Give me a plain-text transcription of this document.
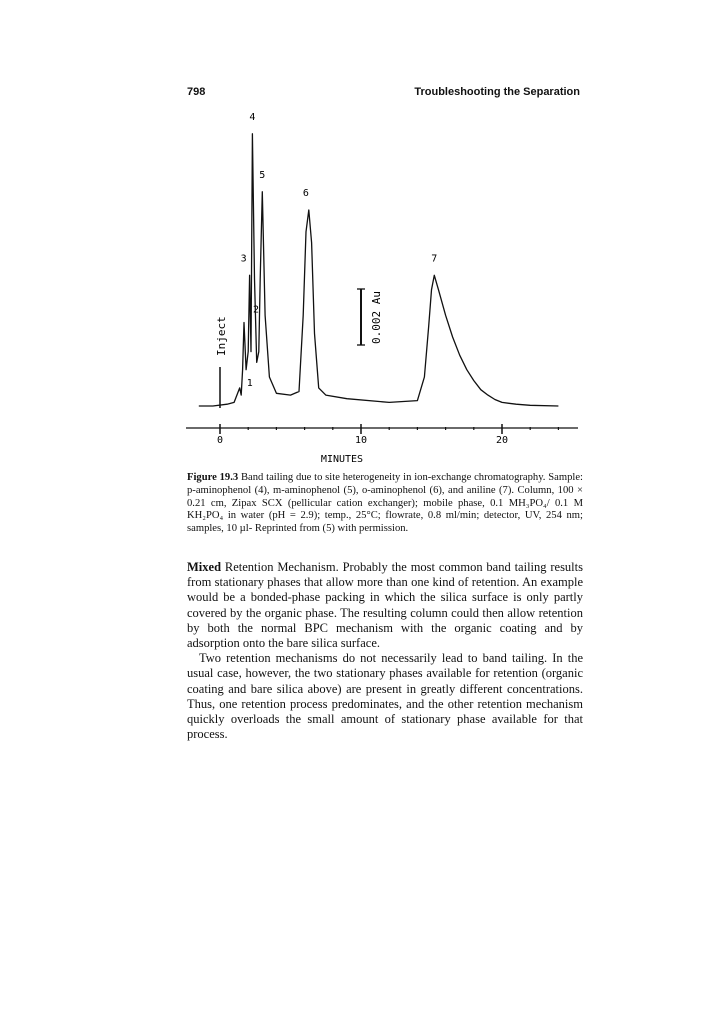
798	Troubleshooting the Separation
1
2
3
4
5
6
7
Inject	0.002 Au
0	10	20
MINUTES
Figure 19.3 Band tailing due to site heterogeneity in ion-exchange chromatography. Sample: p-aminophenol (4), m-aminophenol (5), o-aminophenol (6), and aniline (7). Column, 100 × 0.21 cm, Zipax SCX (pellicular cation exchanger); mobile phase, 0.1 MH₃PO₄/ 0.1 M KH₂PO₄ in water (pH = 2.9); temp., 25°C; flowrate, 0.8 ml/min; detector, UV, 254 nm; samples, 10 µl- Reprinted from (5) with permission.

Mixed Retention Mechanism. Probably the most common band tailing results from stationary phases that allow more than one kind of retention. An example would be a bonded-phase packing in which the silica surface is only partly covered by the organic phase. The resulting column could then allow retention by both the normal BPC mechanism with the organic coating and by adsorption onto the bare silica surface.

Two retention mechanisms do not necessarily lead to band tailing. In the usual case, however, the two stationary phases available for retention (organic coating and bare silica above) are present in greatly different concentrations. Thus, one retention process predominates, and the other retention mechanism quickly overloads the small amount of stationary phase available for that process.
